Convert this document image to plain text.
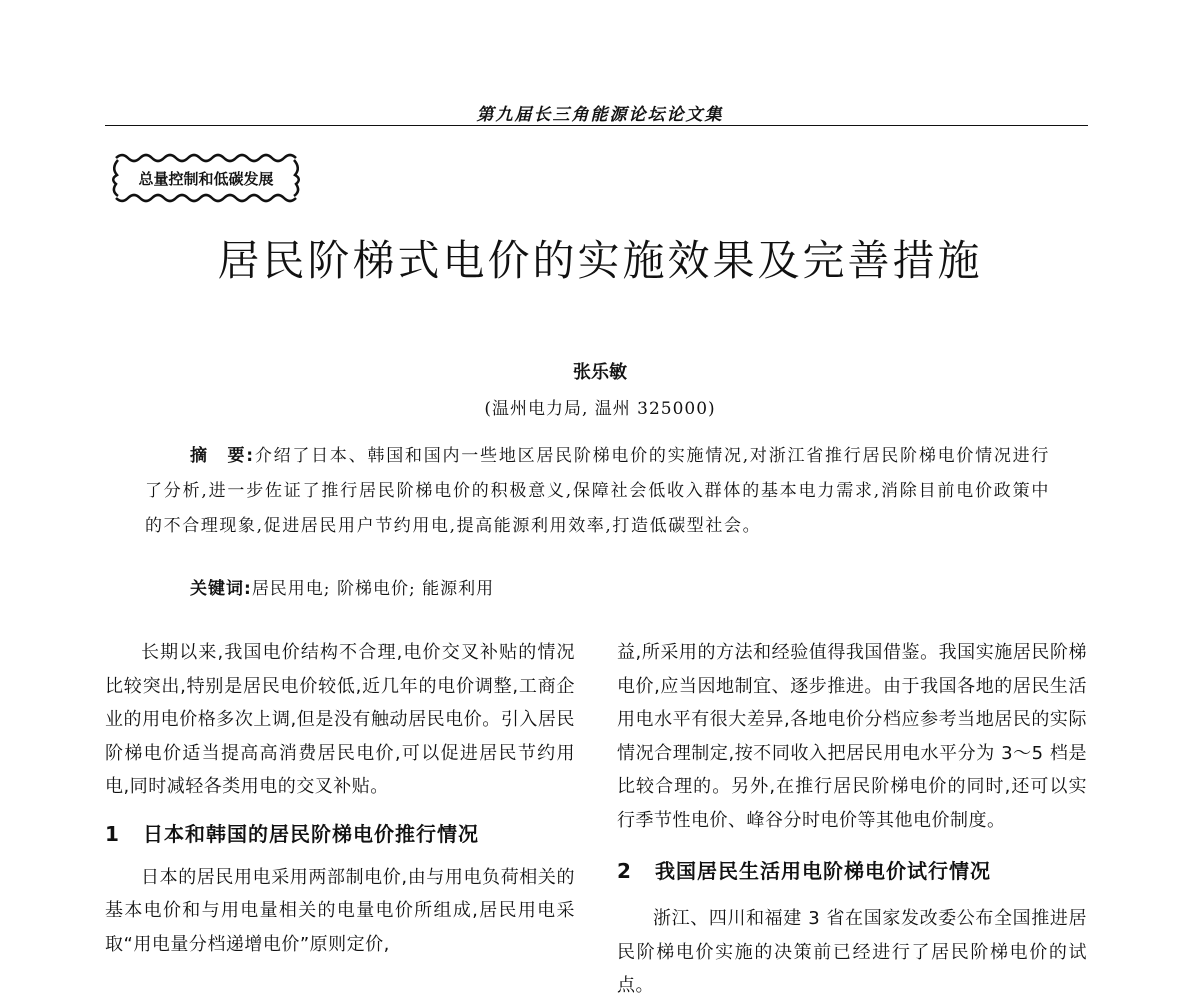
第九届长三角能源论坛论文集
总量控制和低碳发展
居民阶梯式电价的实施效果及完善措施
张乐敏
(温州电力局, 温州 325000)

摘　要:介绍了日本、韩国和国内一些地区居民阶梯电价的实施情况,对浙江省推行居民阶梯电价情况进行了分析,进一步佐证了推行居民阶梯电价的积极意义,保障社会低收入群体的基本电力需求,消除目前电价政策中的不合理现象,促进居民用户节约用电,提高能源利用效率,打造低碳型社会。

关键词:居民用电; 阶梯电价; 能源利用

长期以来,我国电价结构不合理,电价交叉补贴的情况比较突出,特别是居民电价较低,近几年的电价调整,工商企业的用电价格多次上调,但是没有触动居民电价。引入居民阶梯电价适当提高高消费居民电价,可以促进居民节约用电,同时减轻各类用电的交叉补贴。

1 日本和韩国的居民阶梯电价推行情况

日本的居民用电采用两部制电价,由与用电负荷相关的基本电价和与用电量相关的电量电价所组成,居民用电采取“用电量分档递增电价”原则定价,

益,所采用的方法和经验值得我国借鉴。我国实施居民阶梯电价,应当因地制宜、逐步推进。由于我国各地的居民生活用电水平有很大差异,各地电价分档应参考当地居民的实际情况合理制定,按不同收入把居民用电水平分为 3～5 档是比较合理的。另外,在推行居民阶梯电价的同时,还可以实行季节性电价、峰谷分时电价等其他电价制度。

2 我国居民生活用电阶梯电价试行情况

浙江、四川和福建 3 省在国家发改委公布全国推进居民阶梯电价实施的决策前已经进行了居民阶梯电价的试点。
